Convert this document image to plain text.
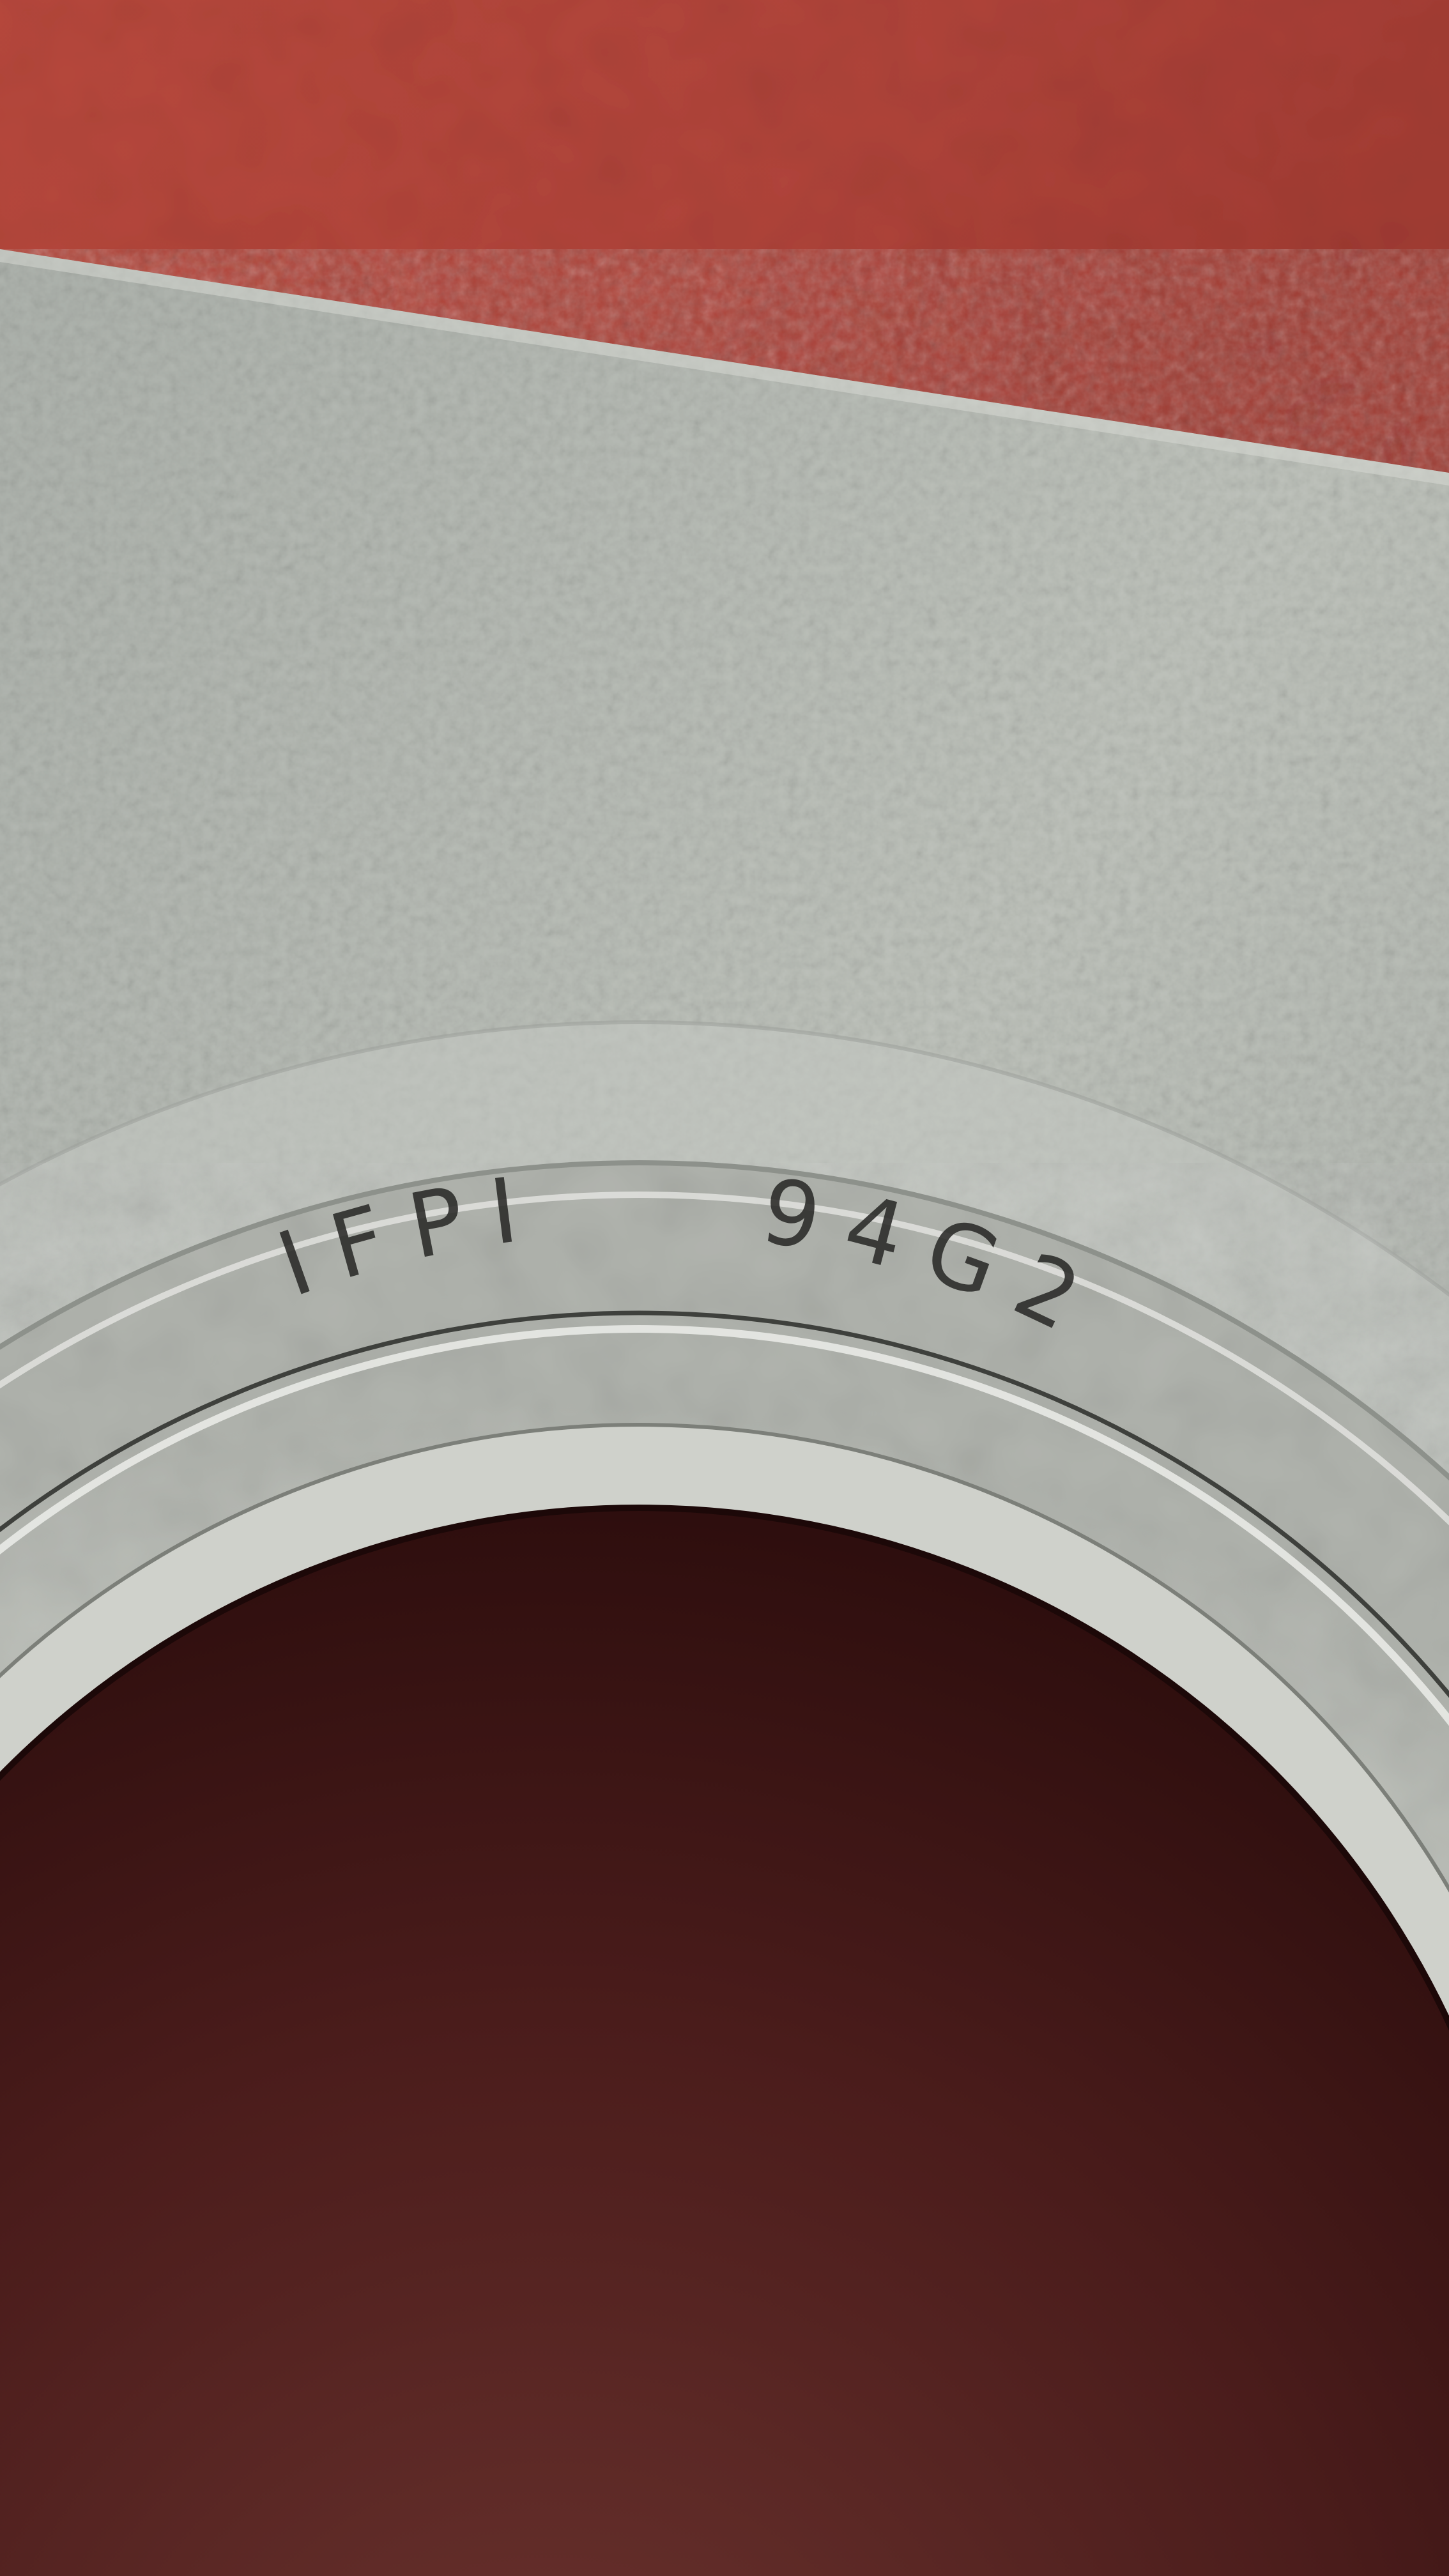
IFPI 94G2
